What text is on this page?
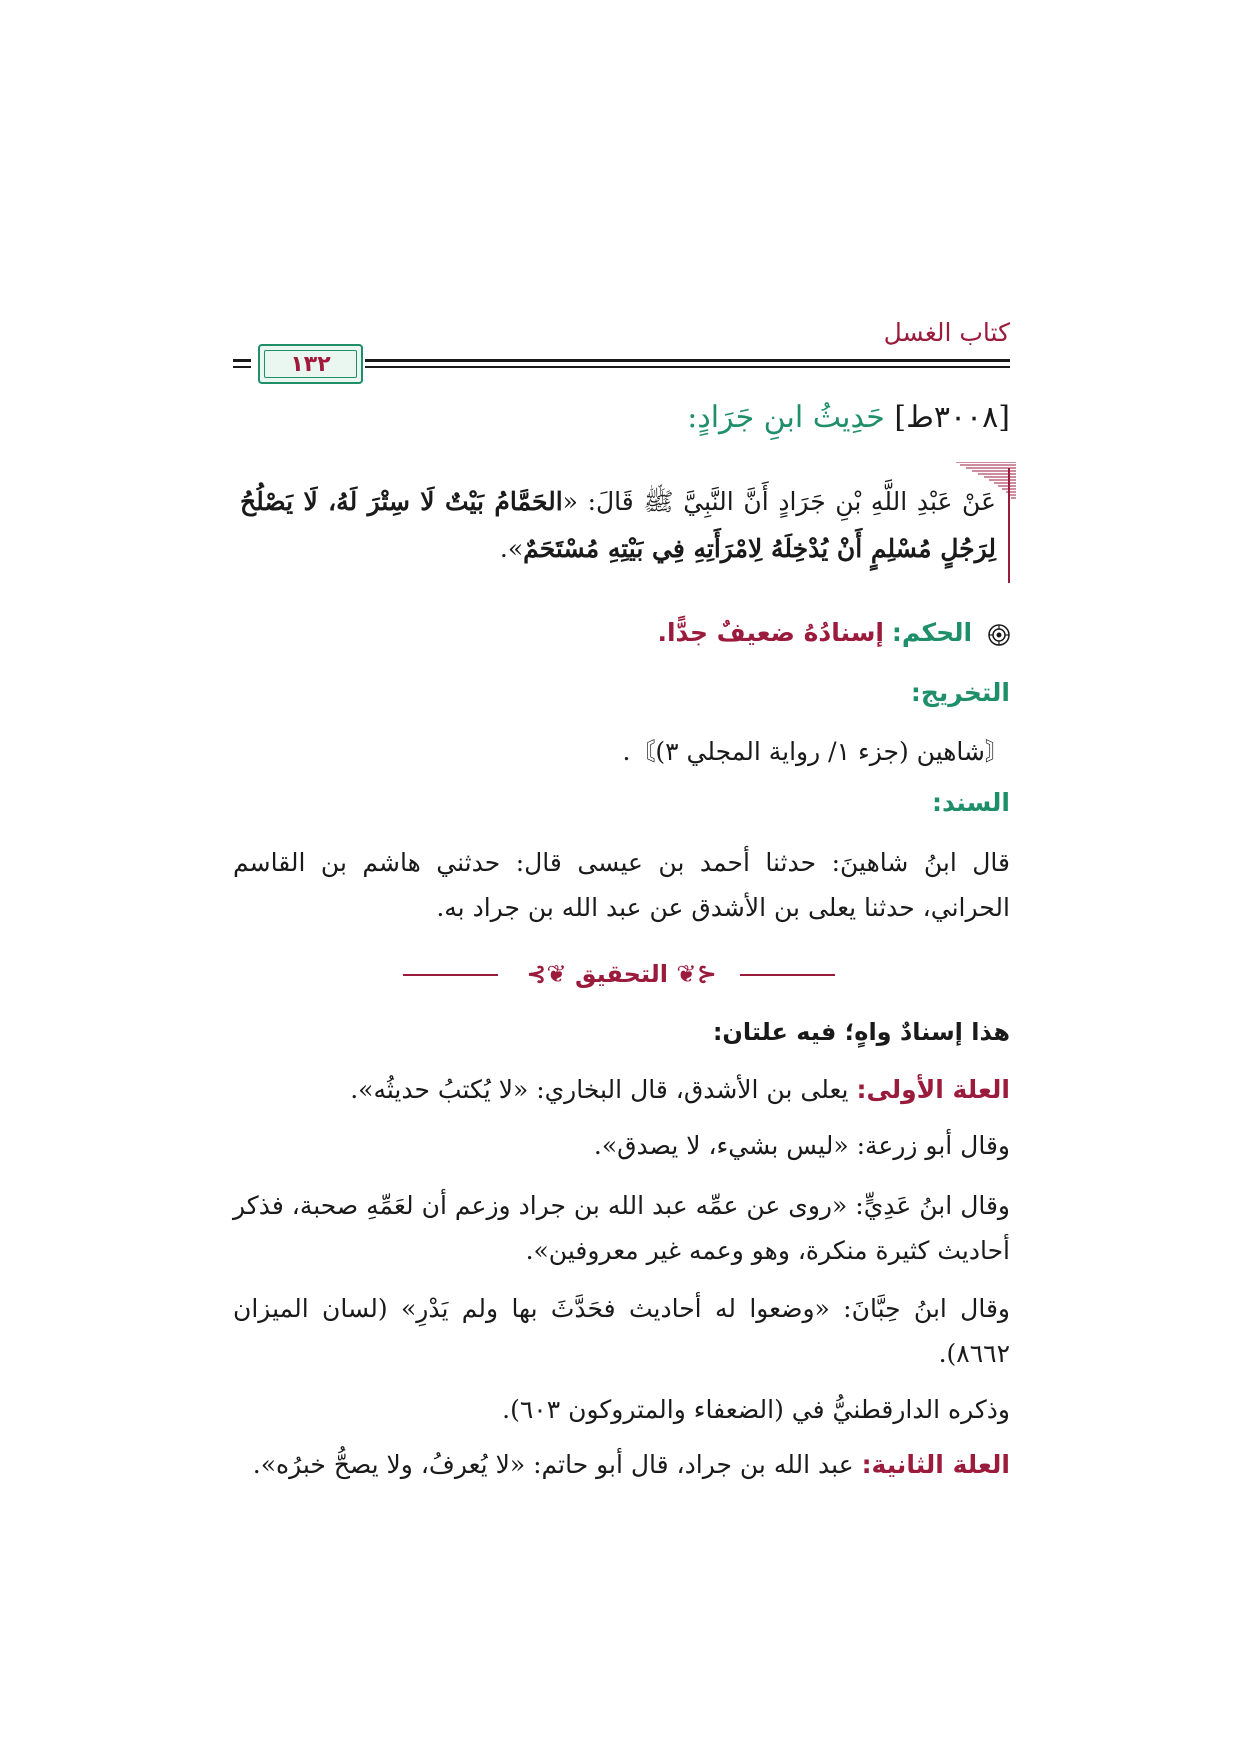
كتاب الغسل
١٣٢
[٣٠٠٨ط] حَدِيثُ ابنِ جَرَادٍ:
عَنْ عَبْدِ اللَّهِ بْنِ جَرَادٍ أَنَّ النَّبِيَّ ﷺ قَالَ: «الحَمَّامُ بَيْتٌ لَا سِتْرَ لَهُ، لَا يَصْلُحُ لِرَجُلٍ مُسْلِمٍ أَنْ يُدْخِلَهُ لِامْرَأَتِهِ فِي بَيْتِهِ مُسْتَحَمٌ».
الحكم: إسنادُهُ ضعيفٌ جدًّا.
التخريج:
〘شاهين (جزء ١/ رواية المجلي ٣)〙.
السند:
قال ابنُ شاهينَ: حدثنا أحمد بن عيسى قال: حدثني هاشم بن القاسم الحراني، حدثنا يعلى بن الأشدق عن عبد الله بن جراد به.
⊰❦ التحقيق ❦⊱
هذا إسنادٌ واهٍ؛ فيه علتان:
العلة الأولى: يعلى بن الأشدق، قال البخاري: «لا يُكتبُ حديثُه».
وقال أبو زرعة: «ليس بشيء، لا يصدق».
وقال ابنُ عَدِيٍّ: «روى عن عمِّه عبد الله بن جراد وزعم أن لعَمِّهِ صحبة، فذكر أحاديث كثيرة منكرة، وهو وعمه غير معروفين».
وقال ابنُ حِبَّانَ: «وضعوا له أحاديث فحَدَّثَ بها ولم يَدْرِ» (لسان الميزان ٨٦٦٢).
وذكره الدارقطنيُّ في (الضعفاء والمتروكون ٦٠٣).
العلة الثانية: عبد الله بن جراد، قال أبو حاتم: «لا يُعرفُ، ولا يصحُّ خبرُه».
